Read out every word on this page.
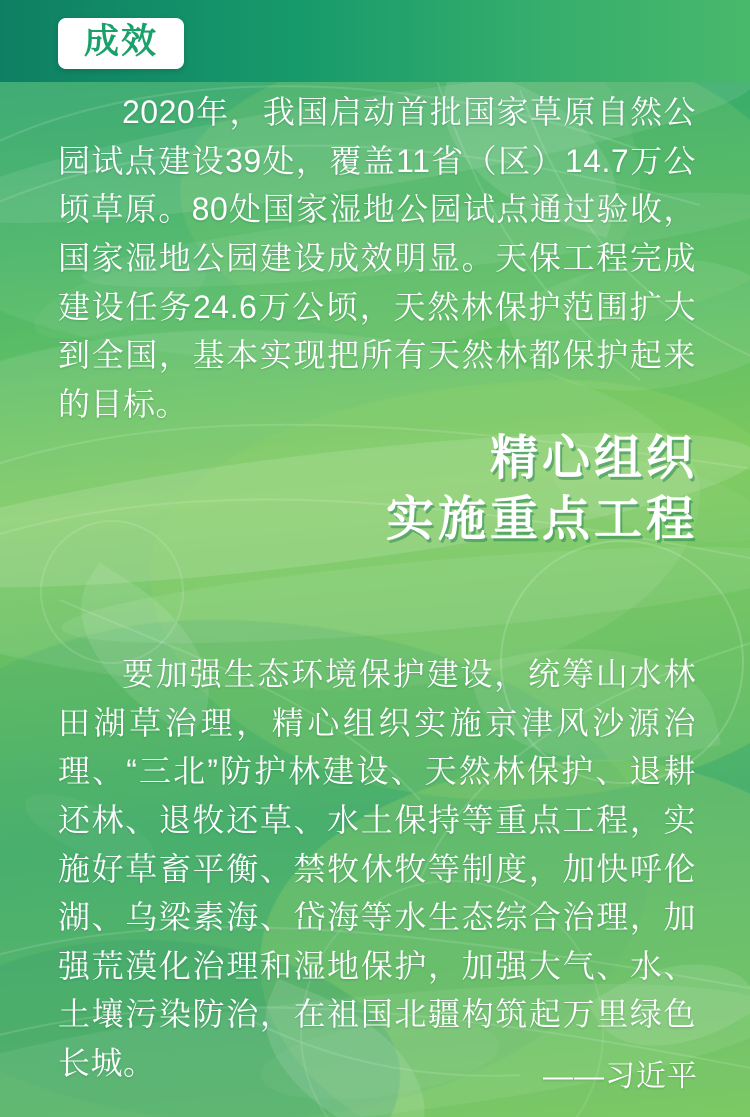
成效
2020年，我国启动首批国家草原自然公园试点建设39处，覆盖11省（区）14.7万公顷草原。80处国家湿地公园试点通过验收，国家湿地公园建设成效明显。天保工程完成建设任务24.6万公顷，天然林保护范围扩大到全国，基本实现把所有天然林都保护起来的目标。
精心组织
实施重点工程
要加强生态环境保护建设，统筹山水林田湖草治理，精心组织实施京津风沙源治理、“三北”防护林建设、天然林保护、退耕还林、退牧还草、水土保持等重点工程，实施好草畜平衡、禁牧休牧等制度，加快呼伦湖、乌梁素海、岱海等水生态综合治理，加强荒漠化治理和湿地保护，加强大气、水、土壤污染防治，在祖国北疆构筑起万里绿色长城。	——习近平
